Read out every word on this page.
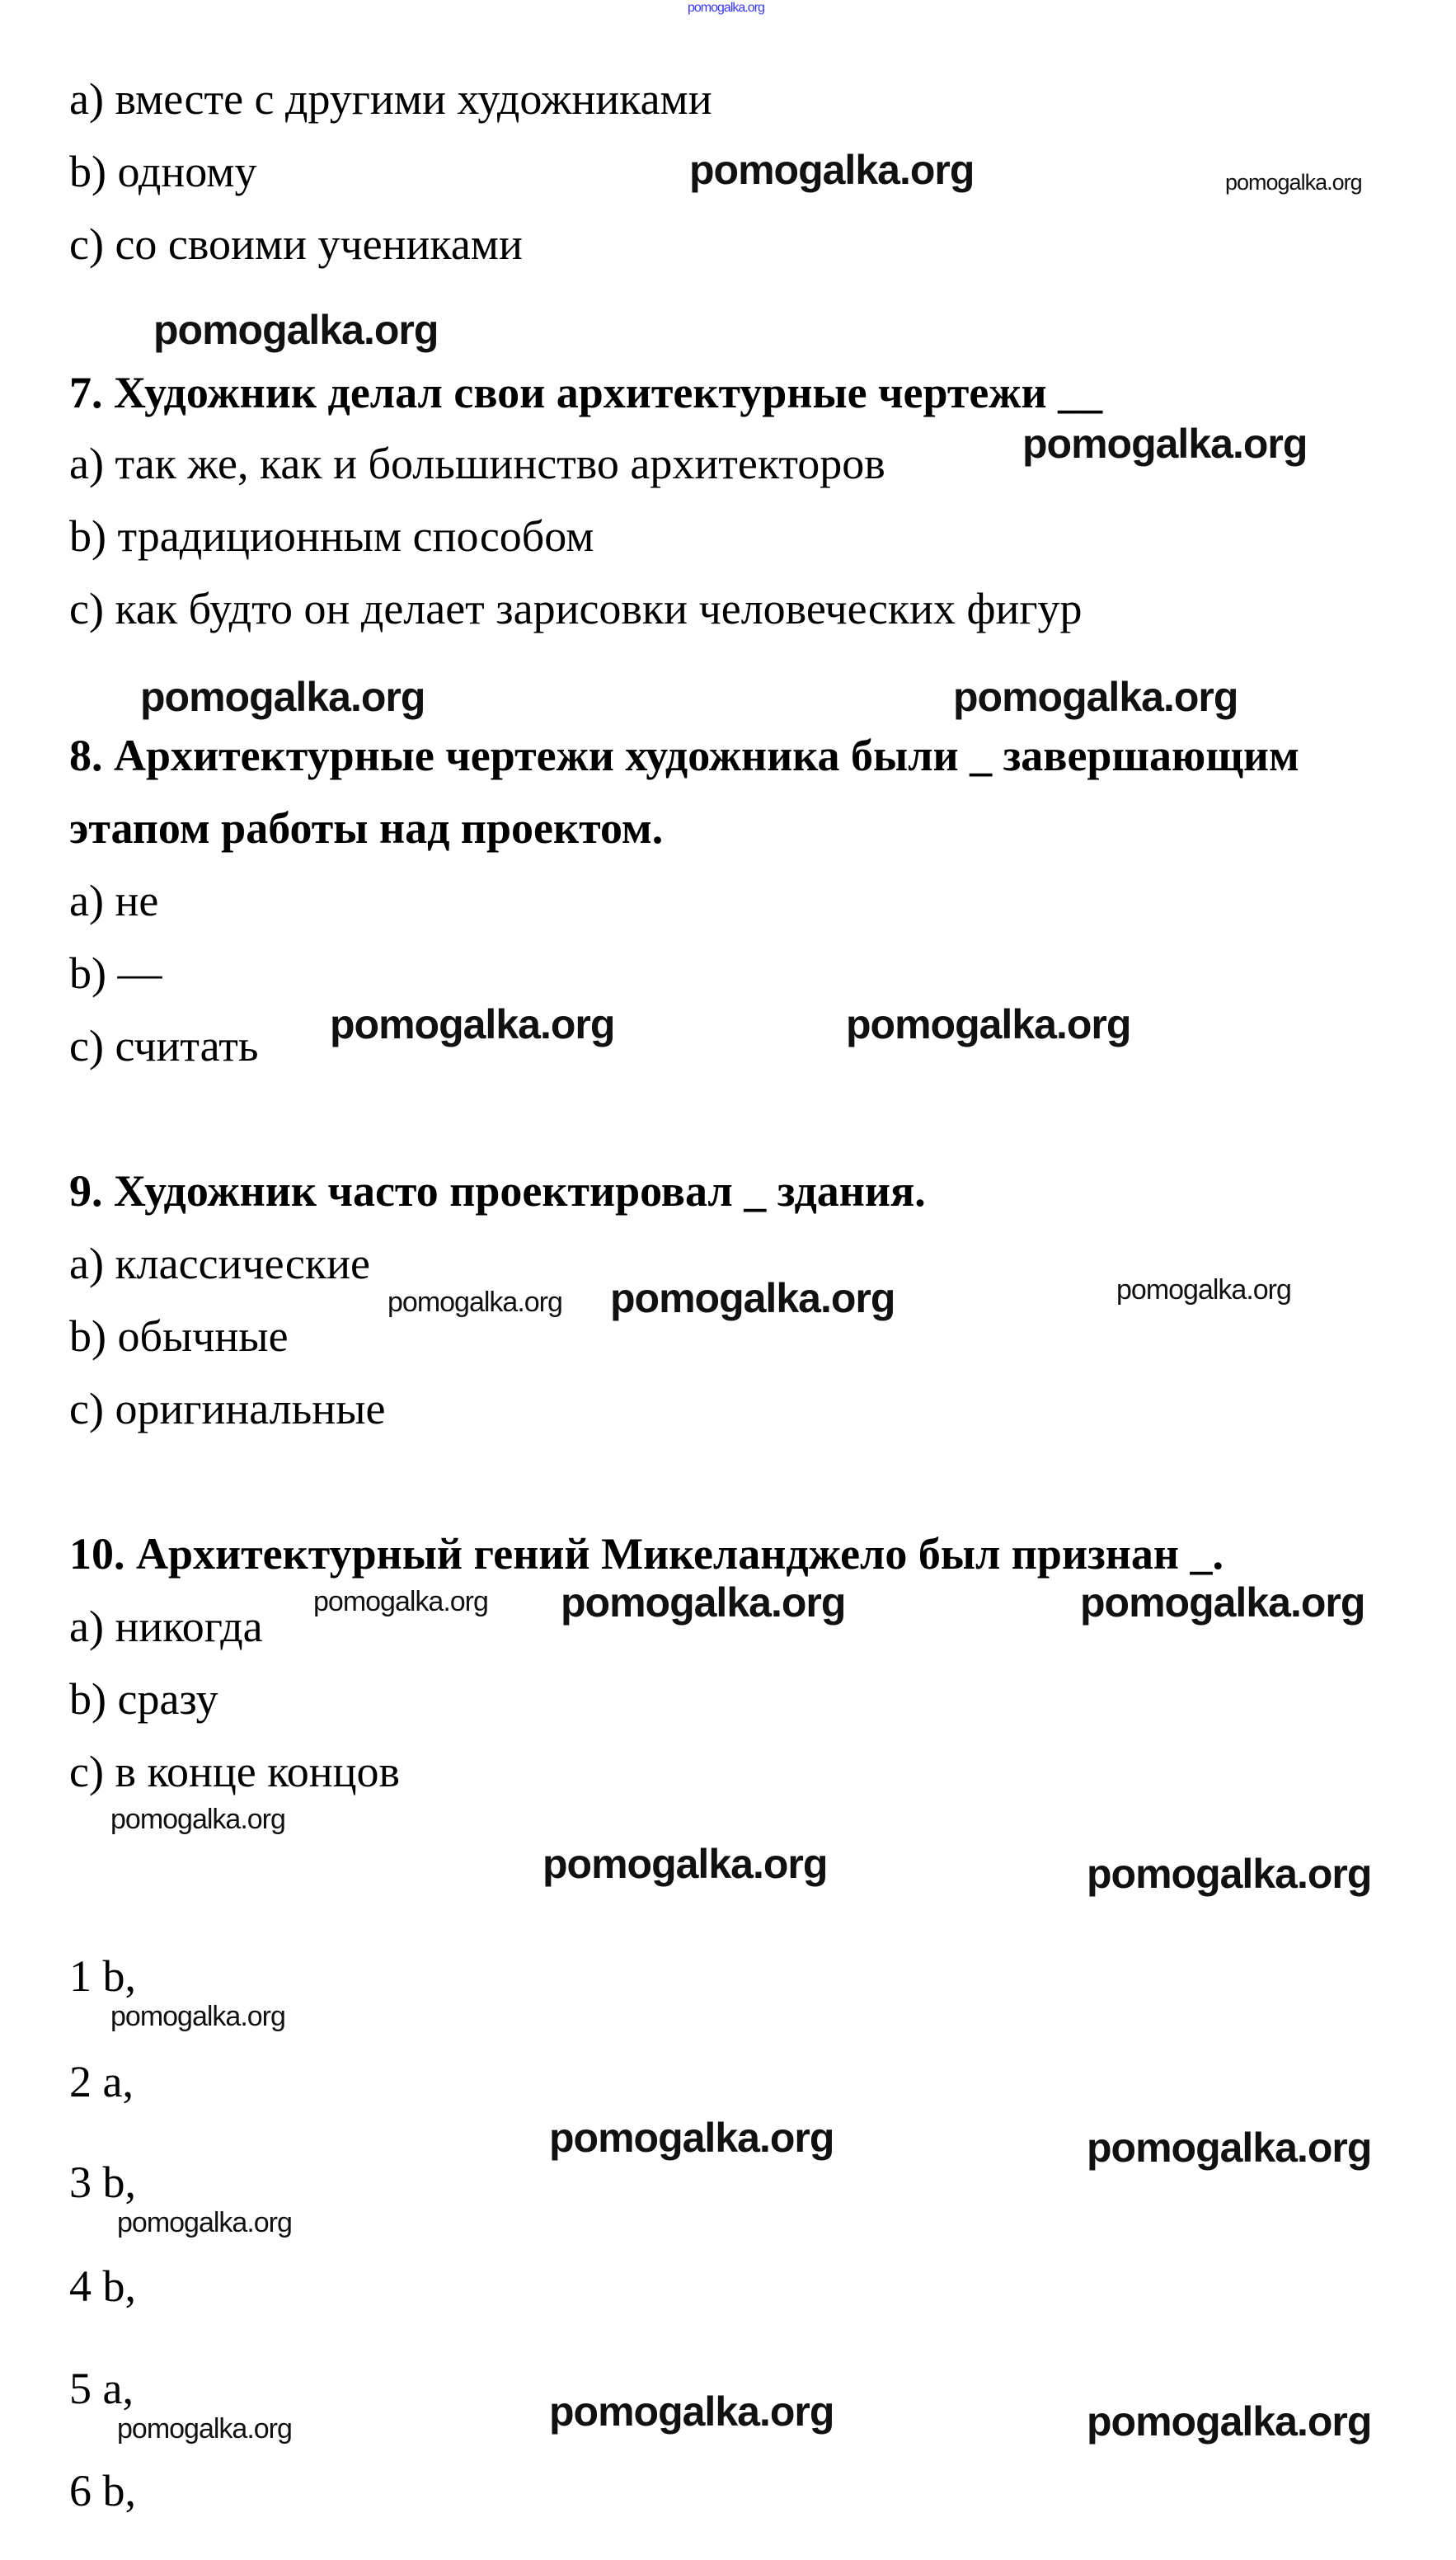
pomogalka.org
a) вместе с другими художниками
b) одному
c) со своими учениками
pomogalka.org	pomogalka.org
pomogalka.org
7. Художник делал свои архитектурные чертежи __
a) так же, как и большинство архитекторов	pomogalka.org
b) традиционным способом
c) как будто он делает зарисовки человеческих фигур
pomogalka.org	pomogalka.org
8. Архитектурные чертежи художника были _ завершающим
этапом работы над проектом.
a) не
b) —
c) считать pomogalka.org	pomogalka.org
9. Художник часто проектировал _ здания.
a) классические
pomogalka.org pomogalka.org	pomogalka.org
b) обычные
c) оригинальные
10. Архитектурный гений Микеланджело был признан _.
pomogalka.org pomogalka.org	pomogalka.org
a) никогда
b) сразу
c) в конце концов
pomogalka.org
pomogalka.org	pomogalka.org
1 b,
pomogalka.org
2 a,
pomogalka.org	pomogalka.org
3 b,
pomogalka.org
4 b,
5 a,
pomogalka.org	pomogalka.org	pomogalka.org
6 b,
